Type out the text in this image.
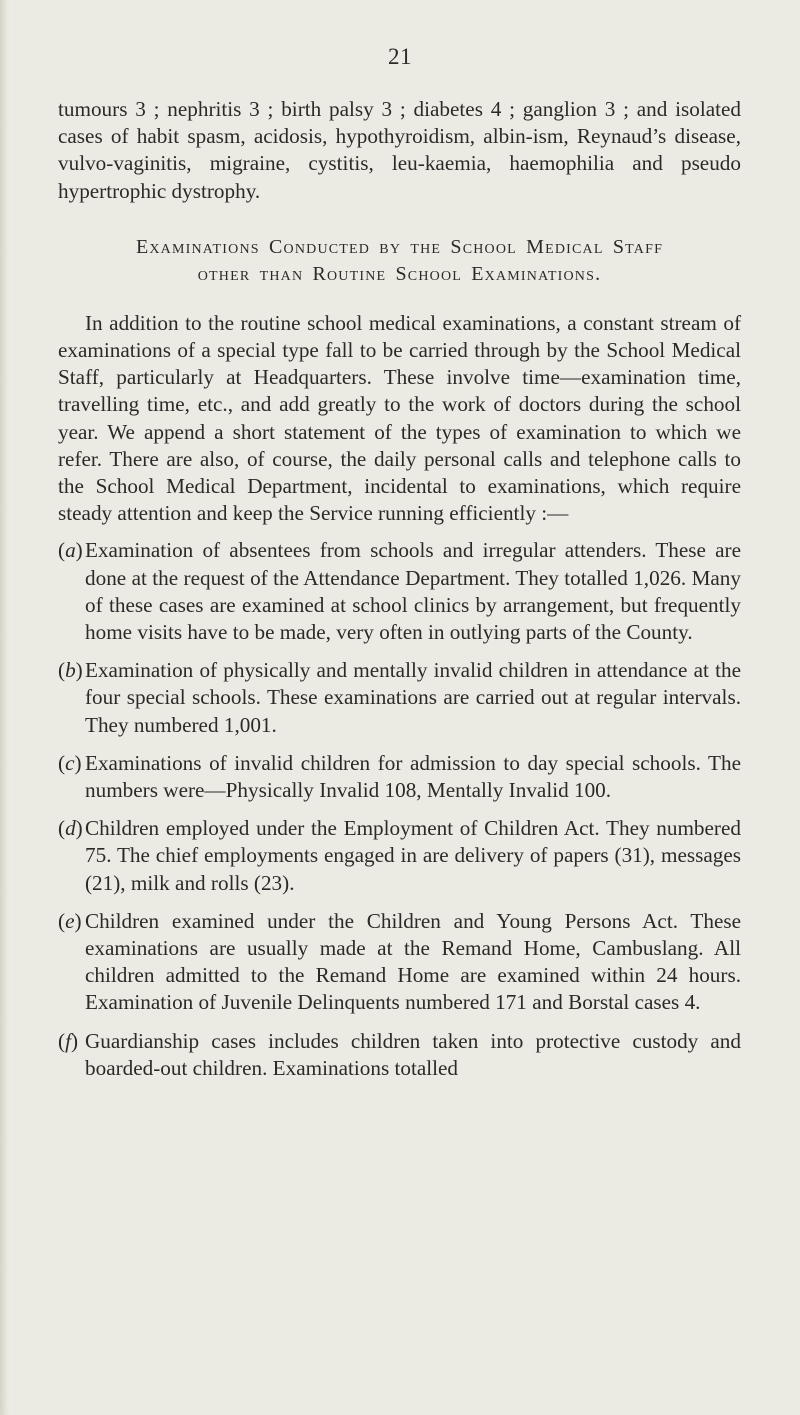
21

tumours 3 ; nephritis 3 ; birth palsy 3 ; diabetes 4 ; ganglion 3 ; and isolated cases of habit spasm, acidosis, hypothyroidism, albin-ism, Reynaud’s disease, vulvo-vaginitis, migraine, cystitis, leu-kaemia, haemophilia and pseudo hypertrophic dystrophy.

Examinations Conducted by the School Medical Staff
other than Routine School Examinations.

In addition to the routine school medical examinations, a constant stream of examinations of a special type fall to be carried through by the School Medical Staff, particularly at Headquarters. These involve time—examination time, travelling time, etc., and add greatly to the work of doctors during the school year. We append a short statement of the types of examination to which we refer. There are also, of course, the daily personal calls and telephone calls to the School Medical Department, incidental to examinations, which require steady attention and keep the Service running efficiently :—

(a) Examination of absentees from schools and irregular attenders. These are done at the request of the Attendance Department. They totalled 1,026. Many of these cases are examined at school clinics by arrangement, but frequently home visits have to be made, very often in outlying parts of the County.
(b) Examination of physically and mentally invalid children in attendance at the four special schools. These examinations are carried out at regular intervals. They numbered 1,001.
(c) Examinations of invalid children for admission to day special schools. The numbers were—Physically Invalid 108, Mentally Invalid 100.
(d) Children employed under the Employment of Children Act. They numbered 75. The chief employments engaged in are delivery of papers (31), messages (21), milk and rolls (23).
(e) Children examined under the Children and Young Persons Act. These examinations are usually made at the Remand Home, Cambuslang. All children admitted to the Remand Home are examined within 24 hours. Examination of Juvenile Delinquents numbered 171 and Borstal cases 4.
(f) Guardianship cases includes children taken into protective custody and boarded-out children. Examinations totalled
